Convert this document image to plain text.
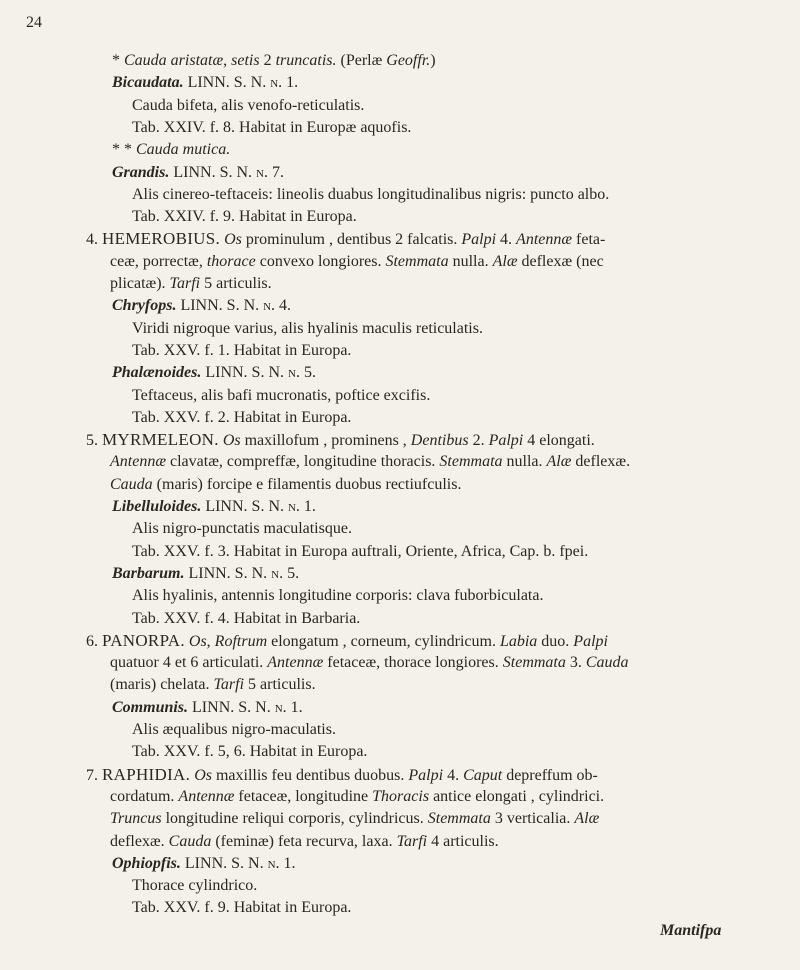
24
* Cauda aristatæ, setis 2 truncatis. (Perlæ Geoffr.)
Bicaudata. LINN. S. N. n. 1.
Cauda bifeta, alis venofo-reticulatis.
Tab. XXIV. f. 8. Habitat in Europæ aquofis.
* * Cauda mutica.
Grandis. LINN. S. N. n. 7.
Alis cinereo-teftaceis: lineolis duabus longitudinalibus nigris: puncto albo.
Tab. XXIV. f. 9. Habitat in Europa.
4. HEMEROBIUS. Os prominulum , dentibus 2 falcatis. Palpi 4. Antennæ feta-
ceæ, porrectæ, thorace convexo longiores. Stemmata nulla. Alæ deflexæ (nec
plicatæ). Tarfi 5 articulis.
Chryfops. LINN. S. N. n. 4.
Viridi nigroque varius, alis hyalinis maculis reticulatis.
Tab. XXV. f. 1. Habitat in Europa.
Phalænoides. LINN. S. N. n. 5.
Teftaceus, alis bafi mucronatis, poftice excifis.
Tab. XXV. f. 2. Habitat in Europa.
5. MYRMELEON. Os maxillofum , prominens , Dentibus 2. Palpi 4 elongati.
Antennæ clavatæ, compreffæ, longitudine thoracis. Stemmata nulla. Alæ deflexæ.
Cauda (maris) forcipe e filamentis duobus rectiufculis.
Libelluloides. LINN. S. N. n. 1.
Alis nigro-punctatis maculatisque.
Tab. XXV. f. 3. Habitat in Europa auftrali, Oriente, Africa, Cap. b. fpei.
Barbarum. LINN. S. N. n. 5.
Alis hyalinis, antennis longitudine corporis: clava fuborbiculata.
Tab. XXV. f. 4. Habitat in Barbaria.
6. PANORPA. Os, Roftrum elongatum , corneum, cylindricum. Labia duo. Palpi
quatuor 4 et 6 articulati. Antennæ fetaceæ, thorace longiores. Stemmata 3. Cauda
(maris) chelata. Tarfi 5 articulis.
Communis. LINN. S. N. n. 1.
Alis æqualibus nigro-maculatis.
Tab. XXV. f. 5, 6. Habitat in Europa.
7. RAPHIDIA. Os maxillis feu dentibus duobus. Palpi 4. Caput depreffum ob-
cordatum. Antennæ fetaceæ, longitudine Thoracis antice elongati , cylindrici.
Truncus longitudine reliqui corporis, cylindricus. Stemmata 3 verticalia. Alæ
deflexæ. Cauda (feminæ) feta recurva, laxa. Tarfi 4 articulis.
Ophiopfis. LINN. S. N. n. 1.
Thorace cylindrico.
Tab. XXV. f. 9. Habitat in Europa.
Mantifpa
